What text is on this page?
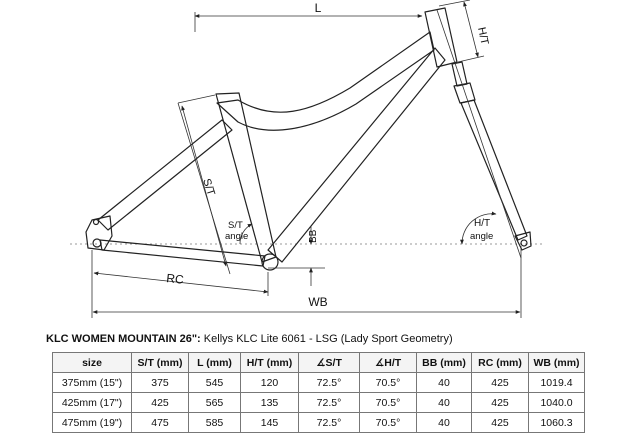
L
H/T
S/T
S/T
angle	BB
H/T
angle
RC
WB
KLC WOMEN MOUNTAIN 26": Kellys KLC Lite 6061 - LSG (Lady Sport Geometry)
size	S/T (mm)	L (mm)	H/T (mm)	∡S/T	∡H/T	BB (mm)	RC (mm)	WB (mm)
375mm (15")	375	545	120	72.5°	70.5°	40	425	1019.4
425mm (17")	425	565	135	72.5°	70.5°	40	425	1040.0
475mm (19")	475	585	145	72.5°	70.5°	40	425	1060.3
